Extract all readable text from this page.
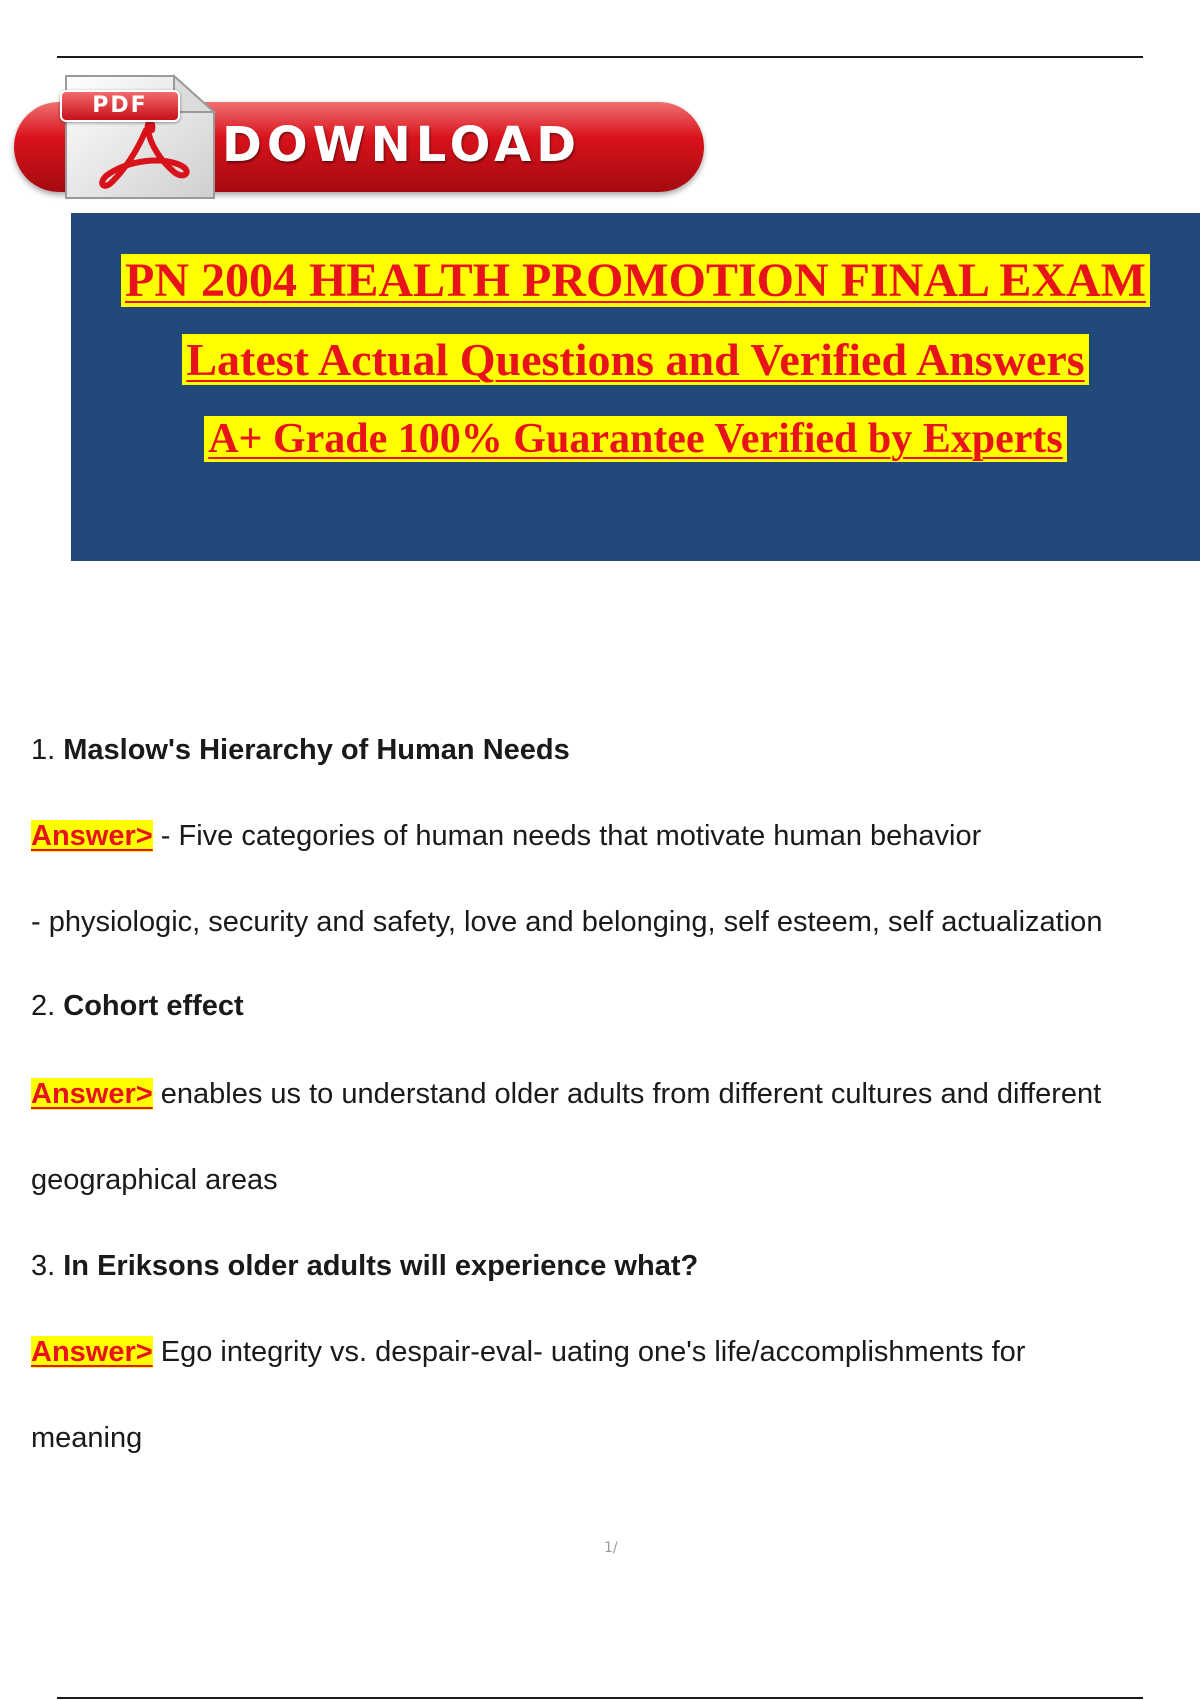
DOWNLOAD
PDF
PN 2004 HEALTH PROMOTION FINAL EXAM
Latest Actual Questions and Verified Answers
A+ Grade 100% Guarantee Verified by Experts
1. Maslow's Hierarchy of Human Needs
Answer> - Five categories of human needs that motivate human behavior
- physiologic, security and safety, love and belonging, self esteem, self actualization
2. Cohort effect
Answer> enables us to understand older adults from different cultures and different
geographical areas
3. In Eriksons older adults will experience what?
Answer> Ego integrity vs. despair-eval- uating one's life/accomplishments for
meaning
1/
